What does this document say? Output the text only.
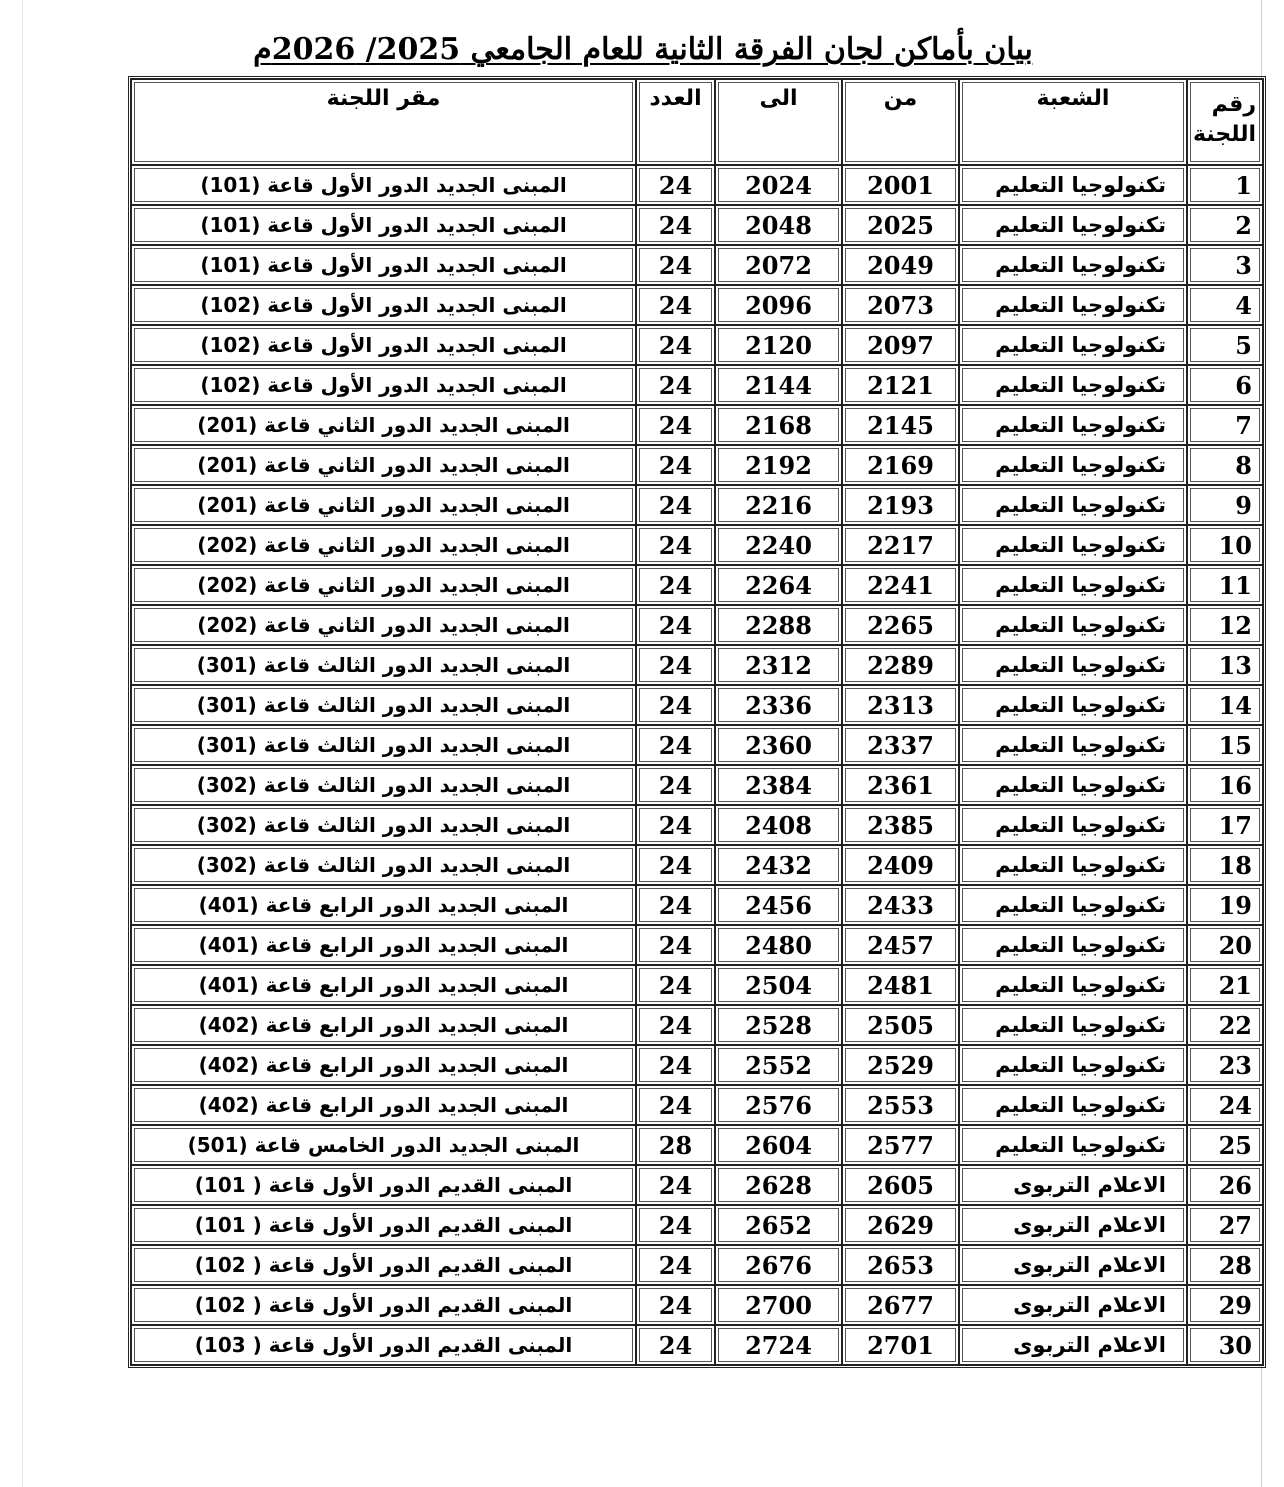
بيان بأماكن لجان الفرقة الثانية للعام الجامعي 2025/ 2026م
رقم اللجنة	الشعبة	من	الى	العدد	مقر اللجنة
1	تكنولوجيا التعليم	2001	2024	24	المبنى الجديد الدور الأول قاعة (101)
2	تكنولوجيا التعليم	2025	2048	24	المبنى الجديد الدور الأول قاعة (101)
3	تكنولوجيا التعليم	2049	2072	24	المبنى الجديد الدور الأول قاعة (101)
4	تكنولوجيا التعليم	2073	2096	24	المبنى الجديد الدور الأول قاعة (102)
5	تكنولوجيا التعليم	2097	2120	24	المبنى الجديد الدور الأول قاعة (102)
6	تكنولوجيا التعليم	2121	2144	24	المبنى الجديد الدور الأول قاعة (102)
7	تكنولوجيا التعليم	2145	2168	24	المبنى الجديد الدور الثاني قاعة (201)
8	تكنولوجيا التعليم	2169	2192	24	المبنى الجديد الدور الثاني قاعة (201)
9	تكنولوجيا التعليم	2193	2216	24	المبنى الجديد الدور الثاني قاعة (201)
10	تكنولوجيا التعليم	2217	2240	24	المبنى الجديد الدور الثاني قاعة (202)
11	تكنولوجيا التعليم	2241	2264	24	المبنى الجديد الدور الثاني قاعة (202)
12	تكنولوجيا التعليم	2265	2288	24	المبنى الجديد الدور الثاني قاعة (202)
13	تكنولوجيا التعليم	2289	2312	24	المبنى الجديد الدور الثالث قاعة (301)
14	تكنولوجيا التعليم	2313	2336	24	المبنى الجديد الدور الثالث قاعة (301)
15	تكنولوجيا التعليم	2337	2360	24	المبنى الجديد الدور الثالث قاعة (301)
16	تكنولوجيا التعليم	2361	2384	24	المبنى الجديد الدور الثالث قاعة (302)
17	تكنولوجيا التعليم	2385	2408	24	المبنى الجديد الدور الثالث قاعة (302)
18	تكنولوجيا التعليم	2409	2432	24	المبنى الجديد الدور الثالث قاعة (302)
19	تكنولوجيا التعليم	2433	2456	24	المبنى الجديد الدور الرابع قاعة (401)
20	تكنولوجيا التعليم	2457	2480	24	المبنى الجديد الدور الرابع قاعة (401)
21	تكنولوجيا التعليم	2481	2504	24	المبنى الجديد الدور الرابع قاعة (401)
22	تكنولوجيا التعليم	2505	2528	24	المبنى الجديد الدور الرابع قاعة (402)
23	تكنولوجيا التعليم	2529	2552	24	المبنى الجديد الدور الرابع قاعة (402)
24	تكنولوجيا التعليم	2553	2576	24	المبنى الجديد الدور الرابع قاعة (402)
25	تكنولوجيا التعليم	2577	2604	28	المبنى الجديد الدور الخامس قاعة (501)
26	الاعلام التربوى	2605	2628	24	المبنى القديم الدور الأول قاعة ( 101)
27	الاعلام التربوى	2629	2652	24	المبنى القديم الدور الأول قاعة ( 101)
28	الاعلام التربوى	2653	2676	24	المبنى القديم الدور الأول قاعة ( 102)
29	الاعلام التربوى	2677	2700	24	المبنى القديم الدور الأول قاعة ( 102)
30	الاعلام التربوى	2701	2724	24	المبنى القديم الدور الأول قاعة ( 103)
